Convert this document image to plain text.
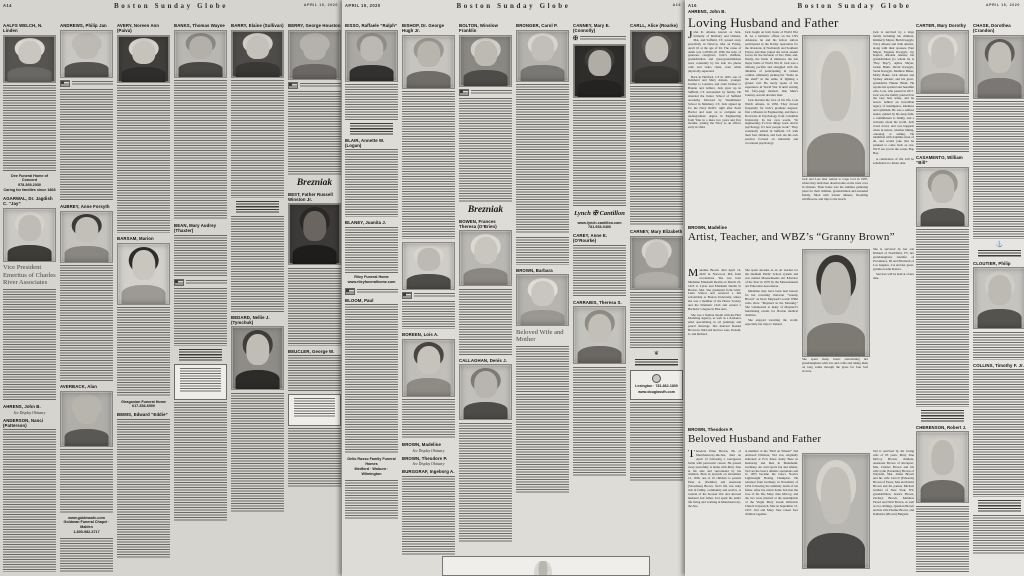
A14	Boston Sunday Globe	APRIL 19, 2020
AALFS WELCH, N. Linden
Dee Funeral Home of Concord
978-369-2030
Caring for families since 1868
AGARWAL, Dr. Jagdish C. “Jay”
Vice President Emeritus of Charles River Associates
AHRENS, John B.
See Display Obituary
ANDERSON, Nanci (Patterson)
ANDREWS, Philip Jan
AUBREY, Anne Forsyth
AVERBACK, Alan
www.goldmanfc.com
Goldman Funeral Chapel · Malden
1-800-982-3717
AVERY, Noreen Ann (Paiva)
BARSAM, Marion
Giragosian Funeral Home
617-354-6900
BEMIS, Edward “Eddie”
BANKS, Thomas Wayne
BEAN, Mary Audrey (Thaxter)
BARRY, Elaine (Sullivan)
BEDARD, Nellie J. (Tymchuk)
BERRY, George Houston
Brezniak
BEST, Father Russell Winston Jr.
BEUCLER, George W.
APRIL 19, 2020	Boston Sunday Globe	A15
BISSO, Raffaele “Ralph”
BLAIR, Annette W. (Logan)
BLANEY, Juanita J.
Riley Funeral Home
www.rileyfuneralhome.com
BLOOM, Paul
Dello Russo Family Funeral Homes
Medford · Woburn · Wilmington
BISHOP, Dr. George Hugh Jr.
BOREEN, Lois A.
BROWN, Madeline
See Display Obituary
BROWN, Theodore P.
See Display Obituary
BURGGRAF, Ingeborg A.
BOLTON, Winslow Franklin
Brezniak
BOWEN, Frances Theresa (O’Brien)
CALLAGHAN, Denis J.
BRONGER, Carol P.
BROWN, Barbara
Beloved Wife and Mother
CANNEY, Mary E. (Connolly)
✠
Lynch ✠ Cantillon
www.lynch-cantillon.com
781-933-0400
CAREY, Anne E. (O’Rourke)
CARRABIS, Theresa S.
CARLL, Alice (Roarke)
CARNEY, Mary Elizabeth
❦
Lexington · 781-862-1800
www.douglassfh.com
A16	Boston Sunday Globe	APRIL 19, 2020
CARTER, Mary Dorothy
CASAMENTO, William “Bill”
CHERENSON, Robert J.
CHASE, Dorothea (Crandon)
⚓
CLOUTIER, Philip
COLLINS, Timothy F. Jr.
AHRENS, John B.
Loving Husband and Father

John R. Ahrens, known as Jack, formerly of Duxbury and Orleans, MA, and Suffield, CT, passed away peacefully in Newton, MA on Friday, April 10 at the age of 94. The cause of death was COVID-19. With the help of generous caregivers, Jack’s children, grandchildren and great-grandchildren were constantly by his side via phone calls and video chats, even while physically separated.

Born in Hartford, CT in 1925, son of Reinhard and Mary Ahrens, younger brother to Lauretta, and older brother to Bonnie and Gilbert, Jack grew up in Suffield, CT surrounded by family. He attended the Junior School of Suffield Academy followed by Westminster School in Simsbury, CT. Jack signed up for the Navy ROTC right after Pearl Harbor and went on to complete an undergraduate degree in Engineering from Yale in a mere two years and five months, joining the Navy as an officer early in 1944.

Jack fought on both fronts of World War II. As a ballistics officer on the USS Arkansas, he and his fellow sailors participated in the D-Day operations for the invasions of Normandy and Southern France and then joined the naval assault forces for the invasion of Iwo Jima, and, finally, the battle of Okinawa, the last major battle of World War II. Jack was a lifelong pacifist and struggled with the dilemma of participating in violent combat, ultimately picking his “battle on the shelf” in the name of fighting a greater evil. He rarely spoke of his experience in World War II until writing his forty-page memoir, One Man’s Journey, several decades later.

Jack married the love of his life, Lois Welch Ahrens, in 1950. They moved frequently for Jack’s graduate degrees: first a Masters in Engineering, and then a Doctorate in Psychology from Columbia University. In his own words, “In engineering, it’s how things work, and in psychology, it’s how people work.” They eventually settled in Suffield, CT with their four children, and Jack ran his own practice focused on industrial and vocational psychology.

Jack and Lois later retired to Cape Cod in 1987, where they built their dream home on the town cove in Orleans. Their home was the summer gathering place for their children, grandchildren and extended family, filled with lobster dinners, blooming wildflowers, and trips to the beach.

Jack is survived by a large family including his children, Kimberly Mayer, Beth Kwegyir, Tracy Ahrens and John Ahrens, along with their spouses, Paul Mayer, Eugenia Kwegyir, Jay Kaplov, Rhonda Ahrens; his grandchildren (to whom he is “Bop Bop”), Ayliea Mayer, Jackie Blum, David Kwegyir, Sarah Kwegyir, Matthew Baker, Molly Baker, Jack Ahrens and Sydney Ahrens; and his great-grandchild, Hunter Blum. He rejoins his spirited and beautiful wife, Lois, who passed in 2017. Jack was the family patriarch in the very best sense, and he leaves behind an incredible legacy of intelligence, kindness and optimism. He was a selfless leader, guided by his deep faith, a commitment to family, and a curiosity about the world. Jack loved travel, and was happiest when in nature, whether hiking, canoeing or sailing. He identified with dolphins most of all, and would joke that he planned to come back as one. We’ll see you in the ocean, Bop Bop.

A celebration of life will be scheduled at a future date.

BROWN, Madeline
Artist, Teacher, and WBZ’s “Granny Brown”

Madeline Brown died April 14, 2020 in Norwood, MA from coronavirus. She was born Madeline Elizabeth Devlin on March 23, 1923 to Cyrus and Elizabeth Devlin in Boston, MA. She graduated from Girls’ Latin School and received a full scholarship to Boston University, where she was a member of the Honor Society and the Dramatic Club and earned a Bachelor’s degree in Fine Arts.

She was a fashion model with the Hart Modeling Agency, as well as a freelance artist specializing in oil paintings and pencil drawings. She married Donald Brown in 1944 and had two sons, Donald, Jr. and Richard.

She spent decades as an art teacher for the Dedham Public School system and was named Massachusetts Art Educator of the Year in 1979 by the Massachusetts Art Education Association.

Madeline may have been best known for her recurring character “Granny Brown” on Dave Maynard’s iconic WBZ radio show “Maynard in the Morning.” She volunteered at many of Maynard’s fundraising events for Boston medical charities.

She enjoyed traveling the world, especially her trips to Ireland.

She spent many hours entertaining her granddaughters with arts and crafts and taking them on long walks through the grass for four leaf clovers.

She is survived by her son Richard of Northfield, VT, her granddaughters Jennifer of Providence, RI and Elizabeth of Los Angeles, CA and her great-grandson John Robert.

Services will be held at a later date.

BROWN, Theodore P.
Beloved Husband and Father

Theodore Prine Brown, 86, of Manchester-by-the-Sea, died on April 13 following a courageous battle with pancreatic cancer. He passed away peacefully at home with Mary Jane at his side and surrounded by his children. Born in Ipswich on December 12, 1936, one of 10 children to parents Peter A. (Paddles) and Anastasia (Strouliaus) Brown, Ted’s life was truly rich in family, community and service. A veteran of the Korean War and devoted husband and father, Ted spent his entire life living and working in Manchester-by-the-Sea.

A member of the “Hell on Wheels” 2nd Armored Division, Ted was originally stationed at Fort Knox Army Base in Kentucky and then in Mannheim, Germany. An avid sports fan and athlete, Ted ran the base’s athletic operations and in 1953 became the base’s Novice Lightweight Boxing Champion. He returned from Germany in November of 1954 following the untimely death of his father. After his return home Ted met the love of his life, Mary Jane McCoy, and the two were married at the Assumption of the Virgin Mary Greek Orthodox Church in Ipswich, MA on September 15, 1957. Ted and Mary Jane raised four children together.

Ted is survived by his loving wife of 63 years, Mary Jane McCoy Brown; children, Anastasia Brown of Rockport, MA, Charles Brown and his wife Lynn (Tarantino) Brown of Wayland, MA, James Brown and his wife Carroll (Edwards) Brown of Essex, MA and David Brown and his partner Michael Guthart of New York, NY; grandchildren, Jessica Brown, Zachary Brown, Matthew Picard and Natti Brown, as well as two siblings, Quenton Brown and his wife Pauline Brown, and Katherine (Brown) Bulgaris.
